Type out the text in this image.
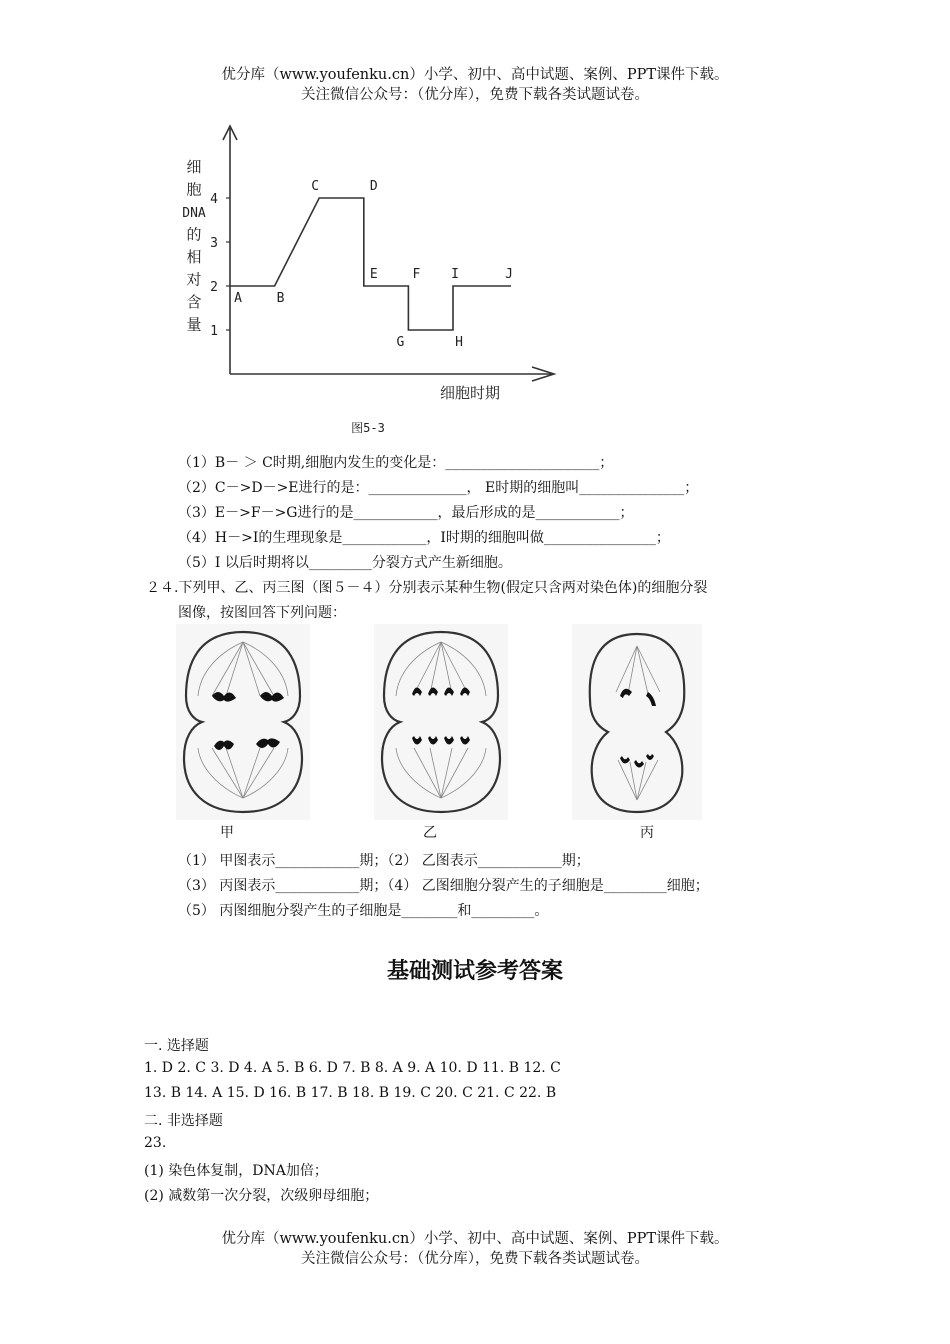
优分库（www.youfenku.cn）小学、初中、高中试题、案例、PPT课件下载。
关注微信公众号：（优分库），免费下载各类试题试卷。
1
2
3
4
细
胞
DNA
的
相
对
含
量
细胞时期
图5-3
A	B
C	D
E	F
G	H
I	J
（1）B－ ＞ C时期,细胞内发生的变化是：______________________；
（2）C－>D－>E进行的是：______________， E时期的细胞叫_______________；
（3）E－>F－>G进行的是____________，最后形成的是____________；
（4）H－>I的生理现象是____________，I时期的细胞叫做________________；
（5）I 以后时期将以_________分裂方式产生新细胞。
２４.下列甲、乙、丙三图（图５－４）分别表示某种生物(假定只含两对染色体)的细胞分裂
图像，按图回答下列问题：
甲	乙	丙
（1） 甲图表示____________期；（2） 乙图表示____________期；
（3） 丙图表示____________期；（4） 乙图细胞分裂产生的子细胞是_________细胞；
（5） 丙图细胞分裂产生的子细胞是________和_________。
基础测试参考答案
一. 选择题
1. D 2. C 3. D 4. A 5. B 6. D 7. B 8. A 9. A 10. D 11. B 12. C
13. B 14. A 15. D 16. B 17. B 18. B 19. C 20. C 21. C 22. B
二. 非选择题
23.
(1) 染色体复制，DNA加倍；
(2) 减数第一次分裂，次级卵母细胞；
优分库（www.youfenku.cn）小学、初中、高中试题、案例、PPT课件下载。
关注微信公众号：（优分库），免费下载各类试题试卷。
